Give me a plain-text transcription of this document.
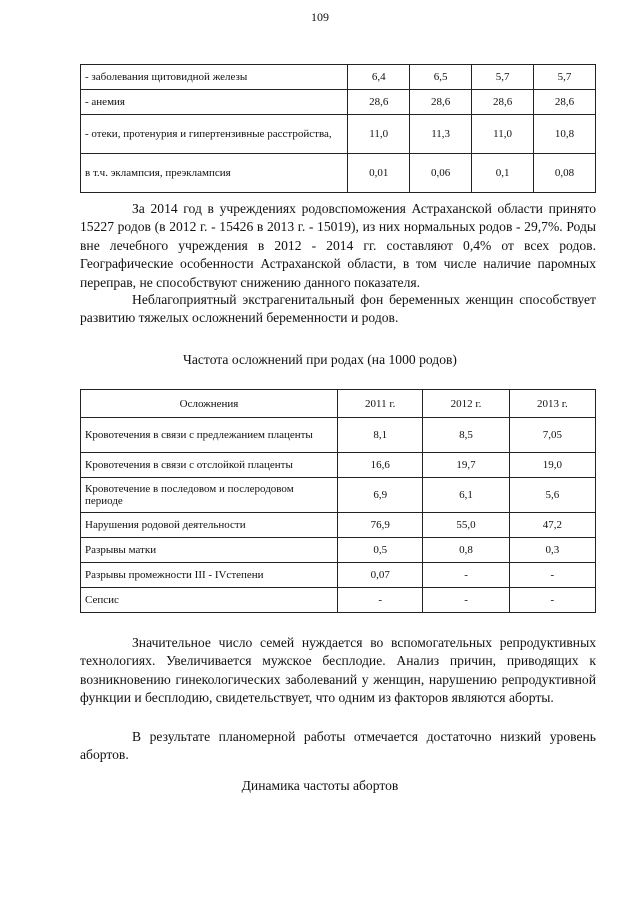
109
- заболевания щитовидной железы	6,4	6,5	5,7	5,7
- анемия	28,6	28,6	28,6	28,6
- отеки, протенурия и гипертензивные расстройства,	11,0	11,3	11,0	10,8
в т.ч. эклампсия, преэклампсия	0,01	0,06	0,1	0,08

За 2014 год в учреждениях родовспоможения Астраханской области принято 15227 родов (в 2012 г. - 15426 в 2013 г. - 15019), из них нормальных родов - 29,7%. Роды вне лечебного учреждения в 2012 - 2014 гг. составляют 0,4% от всех родов. Географические особенности Астраханской области, в том числе наличие паромных переправ, не способствуют снижению данного показателя.

Неблагоприятный экстрагенитальный фон беременных женщин способствует развитию тяжелых осложнений беременности и родов.

Частота осложнений при родах (на 1000 родов)
Осложнения	2011 г.	2012 г.	2013 г.
Кровотечения в связи с предлежанием плаценты	8,1	8,5	7,05
Кровотечения в связи с отслойкой плаценты	16,6	19,7	19,0
Кровотечение в последовом и послеродовом периоде	6,9	6,1	5,6
Нарушения родовой деятельности	76,9	55,0	47,2
Разрывы матки	0,5	0,8	0,3
Разрывы промежности III - IVстепени	0,07	-	-
Сепсис	-	-	-

Значительное число семей нуждается во вспомогательных репродуктивных технологиях. Увеличивается мужское бесплодие. Анализ причин, приводящих к возникновению гинекологических заболеваний у женщин, нарушению репродуктивной функции и бесплодию, свидетельствует, что одним из факторов являются аборты.

В результате планомерной работы отмечается достаточно низкий уровень абортов.

Динамика частоты абортов
